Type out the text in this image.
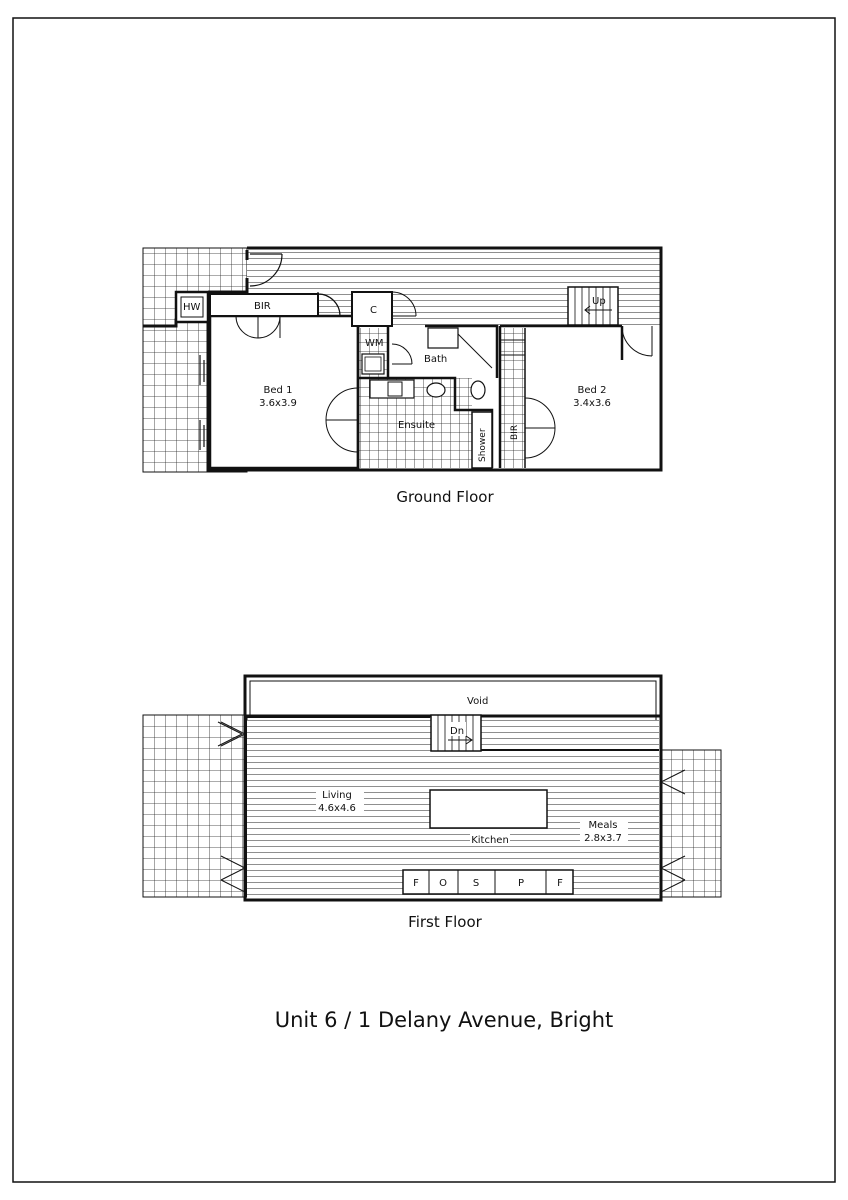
HW	BIR	C
WM
Bath
Up
Bed 1
3.6x3.9
Ensuite
Shower BIR
Bed 2
3.4x3.6
Ground Floor
Dn
Void
Living
4.6x4.6
Kitchen
Meals
2.8x3.7
F O	S	P	F
First Floor
Unit 6 / 1 Delany Avenue, Bright
